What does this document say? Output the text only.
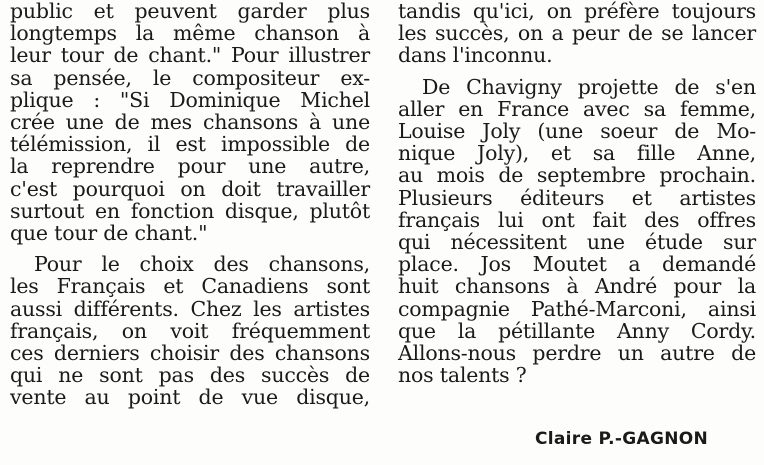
public et peuvent garder plus
longtemps la même chanson à
leur tour de chant." Pour illustrer
sa pensée, le compositeur ex-
plique : "Si Dominique Michel
crée une de mes chansons à une
télémission, il est impossible de
la reprendre pour une autre,
c'est pourquoi on doit travailler
surtout en fonction disque, plutôt
que tour de chant."
Pour le choix des chansons,
les Français et Canadiens sont
aussi différents. Chez les artistes
français, on voit fréquemment
ces derniers choisir des chansons
qui ne sont pas des succès de
vente au point de vue disque,
tandis qu'ici, on préfère toujours
les succès, on a peur de se lancer
dans l'inconnu.
De Chavigny projette de s'en
aller en France avec sa femme,
Louise Joly (une soeur de Mo-
nique Joly), et sa fille Anne,
au mois de septembre prochain.
Plusieurs éditeurs et artistes
français lui ont fait des offres
qui nécessitent une étude sur
place. Jos Moutet a demandé
huit chansons à André pour la
compagnie Pathé-Marconi, ainsi
que la pétillante Anny Cordy.
Allons-nous perdre un autre de
nos talents ?
Claire P.-GAGNON
